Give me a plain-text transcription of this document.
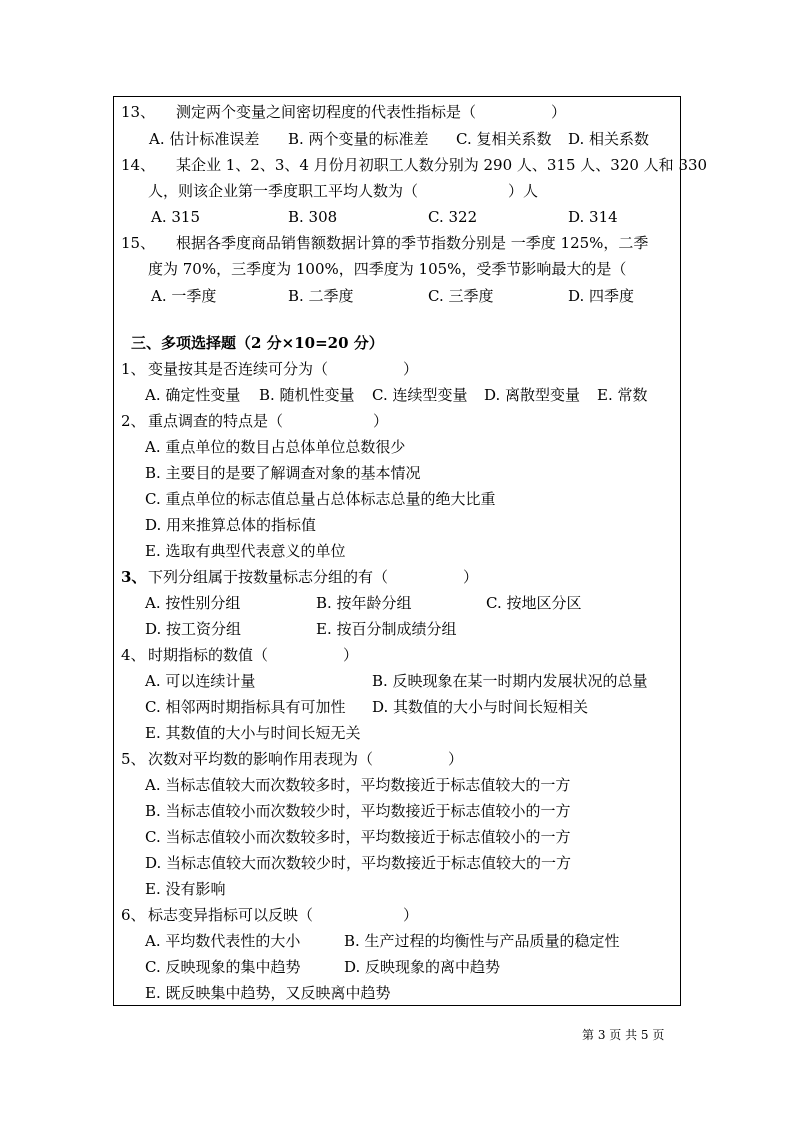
13、 测定两个变量之间密切程度的代表性指标是（　　　　　）
A. 估计标准误差 B. 两个变量的标准差 C. 复相关系数 D. 相关系数
14、 某企业 1、2、3、4 月份月初职工人数分别为 290 人、315 人、320 人和 330
人，则该企业第一季度职工平均人数为（　　　　　　）人
A. 315	B. 308	C. 322	D. 314
15、 根据各季度商品销售额数据计算的季节指数分别是 一季度 125%，二季
度为 70%，三季度为 100%，四季度为 105%，受季节影响最大的是（
A. 一季度	B. 二季度	C. 三季度	D. 四季度
三、多项选择题（2 分×10=20 分）
1、 变量按其是否连续可分为（　　　　　）
A. 确定性变量 B. 随机性变量 C. 连续型变量 D. 离散型变量 E. 常数
2、 重点调查的特点是（　　　　　　）
A. 重点单位的数目占总体单位总数很少
B. 主要目的是要了解调查对象的基本情况
C. 重点单位的标志值总量占总体标志总量的绝大比重
D. 用来推算总体的指标值
E. 选取有典型代表意义的单位
3、 下列分组属于按数量标志分组的有（　　　　　）
A. 按性别分组	B. 按年龄分组	C. 按地区分区
D. 按工资分组	E. 按百分制成绩分组
4、 时期指标的数值（　　　　　）
A. 可以连续计量	B. 反映现象在某一时期内发展状况的总量
C. 相邻两时期指标具有可加性 D. 其数值的大小与时间长短相关
E. 其数值的大小与时间长短无关
5、 次数对平均数的影响作用表现为（　　　　　）
A. 当标志值较大而次数较多时，平均数接近于标志值较大的一方
B. 当标志值较小而次数较少时，平均数接近于标志值较小的一方
C. 当标志值较小而次数较多时，平均数接近于标志值较小的一方
D. 当标志值较大而次数较少时，平均数接近于标志值较大的一方
E. 没有影响
6、 标志变异指标可以反映（　　　　　　）
A. 平均数代表性的大小	B. 生产过程的均衡性与产品质量的稳定性
C. 反映现象的集中趋势	D. 反映现象的离中趋势
E. 既反映集中趋势，又反映离中趋势
第 3 页 共 5 页
